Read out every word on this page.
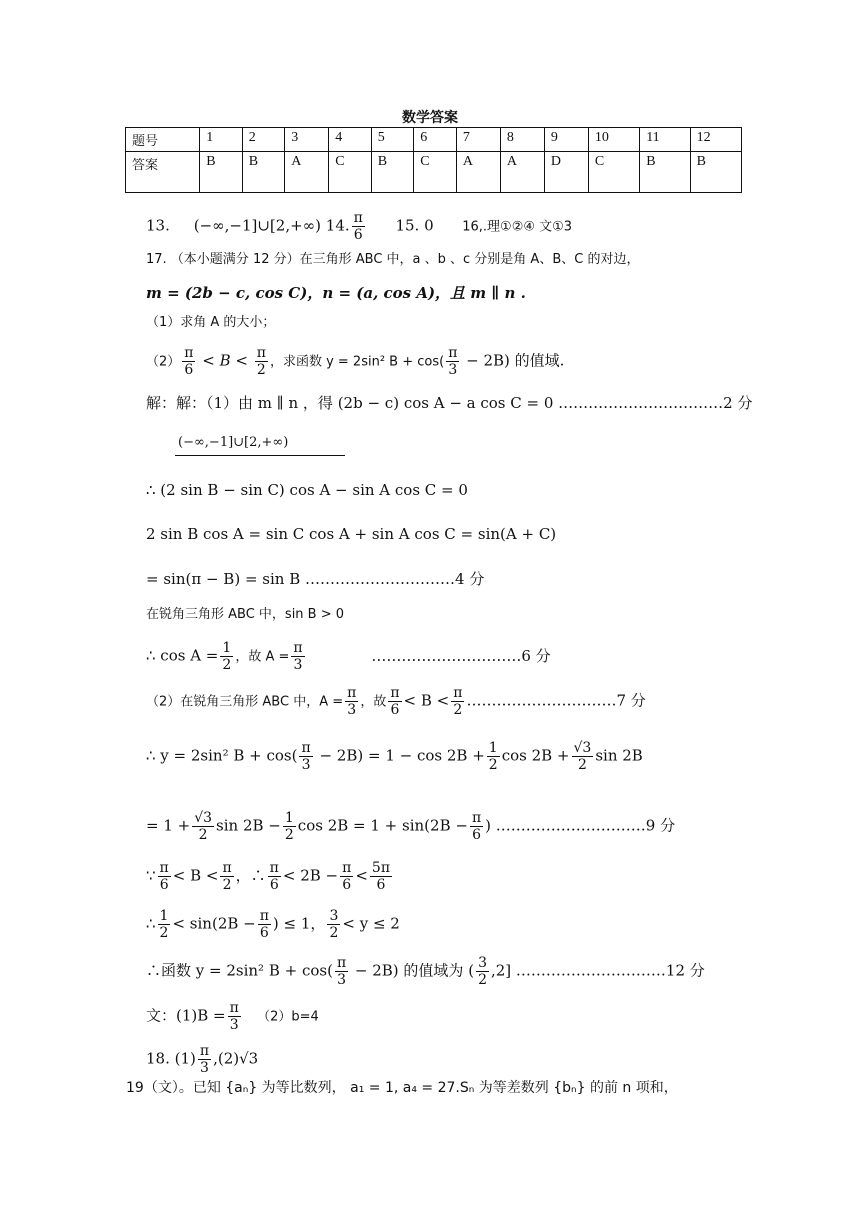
数学答案
题号	1	2	3	4	5	6	7	8	9	10	11	12
答案	B	B	A	C	B	C	A	A	D	C	B	B
13. (−∞,−1]∪[2,+∞) 14. $\frac{\pi}{6} 15$. 0 16,.理①②④ 文①3
17. （本小题满分 12 分）在三角形 ABC 中，a 、b 、c 分别是角 A、B、C 的对边，
m = (2b − c, cos C)，n = (a, cos A)，且 m ∥ n .
（1）求角 A 的大小；
$(2) \frac{\pi}{6} < B < \frac{\pi}{2}$ ，求函数 y = 2sin² $B + \cos( \frac{\pi}{3} - 2B)$ 的值域.
解：解：（1）由 m ∥ n ，得 (2b − c) cos A − a cos C = 0 ……………………………2 分
(−∞,−1]∪[2,+∞)
∴ (2 sin B − sin C) cos A − sin A cos C = 0
2 sin B cos A = sin C cos A + sin A cos C = sin(A + C)
= sin(π − B) = sin B …………………………4 分
在锐角三角形 ABC 中，sin B > 0
∴ $\cos A = \frac{1}{2}$ ，故 $A = \frac{\pi}{3}$	…………………………6 分
（2）在锐角三角形 ABC 中，$A = \frac{\pi}{3}$ ，故 $\frac{\pi}{6} < B < \frac{\pi}{2}$ …………………………7 分
∴ y = 2sin² $B + \cos( \frac{\pi}{3} - 2B) = 1 - \cos 2B + \frac{1}{2}$ $\cos 2B + \frac{√3}{2}$ sin 2B
= $1 + \frac{√3}{2}$ $\sin 2B - \frac{1}{2}$ $\cos 2B = 1 + \sin(2B - \frac{\pi}{6}$ ) …………………………9 分
∵ $\frac{\pi}{6} < B < \frac{\pi}{2}$ ，∴ $\frac{\pi}{6} < 2B - \frac{\pi}{6} < \frac{5\pi}{6}$
∴ $\frac{1}{2} < \sin(2B - \frac{\pi}{6}$ ) ≤ 1， $\frac{3}{2} < y \le 2$
∴函数 y = 2sin² $B + \cos( \frac{\pi}{3} - 2B)$ 的值域为 ( $\frac{3}{2} ,2$] …………………………12 分
文：$(1)B = \frac{\pi}{3} (2)b=4$
18. $(1) \frac{\pi}{3} ,(2)√3$
19（文）。已知 {aₙ} 为等比数列， a₁ = 1, a₄ = 27.Sₙ 为等差数列 {bₙ} 的前 n 项和，
